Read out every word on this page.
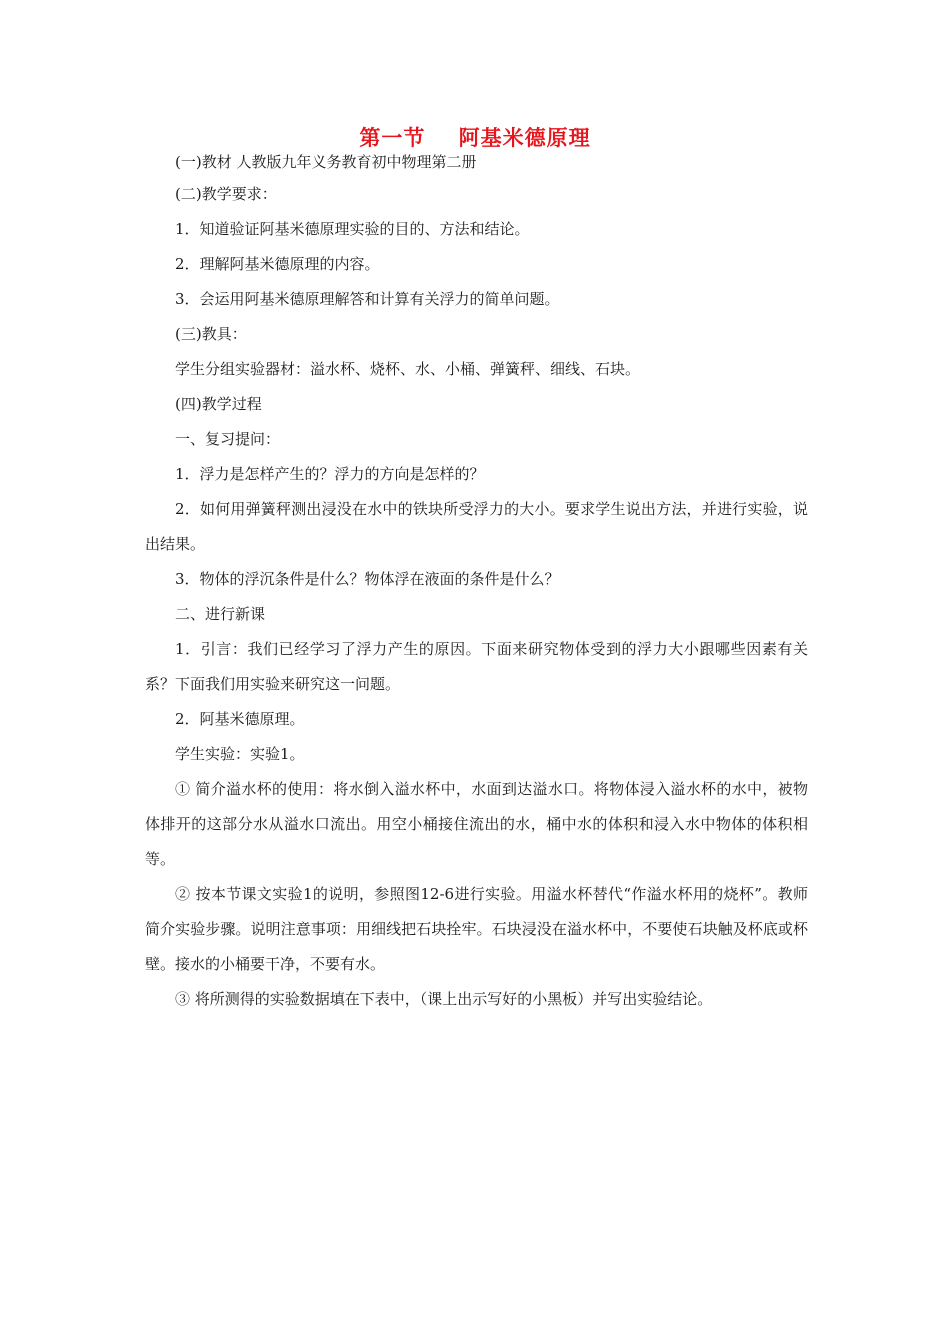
第一节    阿基米德原理

(一)教材 人教版九年义务教育初中物理第二册

(二)教学要求：

1．知道验证阿基米德原理实验的目的、方法和结论。

2．理解阿基米德原理的内容。

3．会运用阿基米德原理解答和计算有关浮力的简单问题。

(三)教具：

学生分组实验器材：溢水杯、烧杯、水、小桶、弹簧秤、细线、石块。

(四)教学过程

一、复习提问：

1．浮力是怎样产生的？浮力的方向是怎样的？

2．如何用弹簧秤测出浸没在水中的铁块所受浮力的大小。要求学生说出方法，并进行实验，说出结果。

3．物体的浮沉条件是什么？物体浮在液面的条件是什么？

二、进行新课

1．引言：我们已经学习了浮力产生的原因。下面来研究物体受到的浮力大小跟哪些因素有关系？下面我们用实验来研究这一问题。

2．阿基米德原理。

学生实验：实验1。

① 简介溢水杯的使用：将水倒入溢水杯中，水面到达溢水口。将物体浸入溢水杯的水中，被物体排开的这部分水从溢水口流出。用空小桶接住流出的水，桶中水的体积和浸入水中物体的体积相等。

② 按本节课文实验1的说明，参照图12-6进行实验。用溢水杯替代“作溢水杯用的烧杯”。教师简介实验步骤。说明注意事项：用细线把石块拴牢。石块浸没在溢水杯中，不要使石块触及杯底或杯壁。接水的小桶要干净，不要有水。

③ 将所测得的实验数据填在下表中，（课上出示写好的小黑板）并写出实验结论。
